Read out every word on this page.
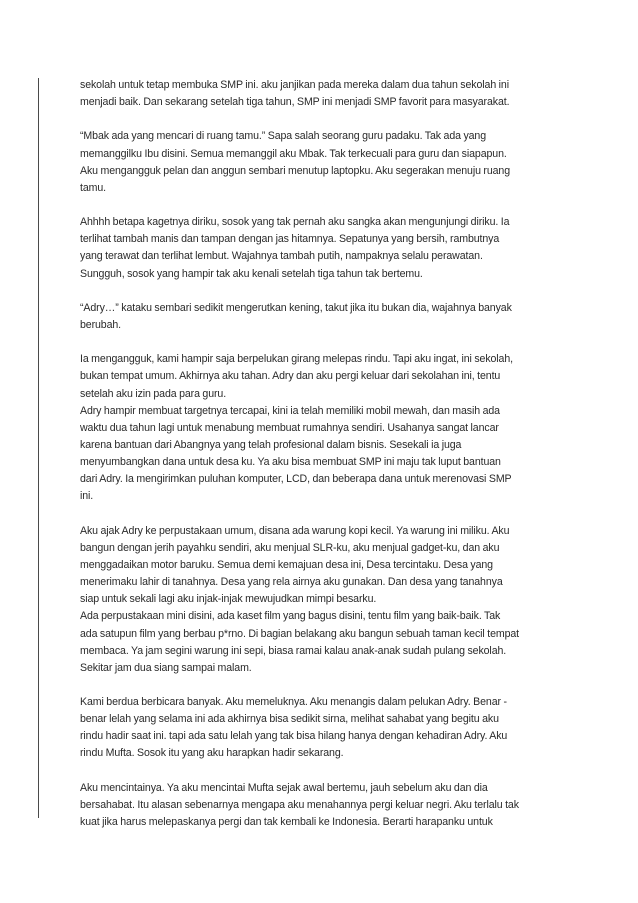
sekolah untuk tetap membuka SMP ini. aku janjikan pada mereka dalam dua tahun sekolah ini
menjadi baik. Dan sekarang setelah tiga tahun, SMP ini menjadi SMP favorit para masyarakat.

“Mbak ada yang mencari di ruang tamu.” Sapa salah seorang guru padaku. Tak ada yang
memanggilku Ibu disini. Semua memanggil aku Mbak. Tak terkecuali para guru dan siapapun.
Aku mengangguk pelan dan anggun sembari menutup laptopku. Aku segerakan menuju ruang
tamu.

Ahhhh betapa kagetnya diriku, sosok yang tak pernah aku sangka akan mengunjungi diriku. Ia
terlihat tambah manis dan tampan dengan jas hitamnya. Sepatunya yang bersih, rambutnya
yang terawat dan terlihat lembut. Wajahnya tambah putih, nampaknya selalu perawatan.
Sungguh, sosok yang hampir tak aku kenali setelah tiga tahun tak bertemu.

“Adry…” kataku sembari sedikit mengerutkan kening, takut jika itu bukan dia, wajahnya banyak
berubah.

Ia mengangguk, kami hampir saja berpelukan girang melepas rindu. Tapi aku ingat, ini sekolah,
bukan tempat umum. Akhirnya aku tahan. Adry dan aku pergi keluar dari sekolahan ini, tentu
setelah aku izin pada para guru.
Adry hampir membuat targetnya tercapai, kini ia telah memiliki mobil mewah, dan masih ada
waktu dua tahun lagi untuk menabung membuat rumahnya sendiri. Usahanya sangat lancar
karena bantuan dari Abangnya yang telah profesional dalam bisnis. Sesekali ia juga
menyumbangkan dana untuk desa ku. Ya aku bisa membuat SMP ini maju tak luput bantuan
dari Adry. Ia mengirimkan puluhan komputer, LCD, dan beberapa dana untuk merenovasi SMP
ini.

Aku ajak Adry ke perpustakaan umum, disana ada warung kopi kecil. Ya warung ini miliku. Aku
bangun dengan jerih payahku sendiri, aku menjual SLR-ku, aku menjual gadget-ku, dan aku
menggadaikan motor baruku. Semua demi kemajuan desa ini, Desa tercintaku. Desa yang
menerimaku lahir di tanahnya. Desa yang rela airnya aku gunakan. Dan desa yang tanahnya
siap untuk sekali lagi aku injak-injak mewujudkan mimpi besarku.
Ada perpustakaan mini disini, ada kaset film yang bagus disini, tentu film yang baik-baik. Tak
ada satupun film yang berbau p*rno. Di bagian belakang aku bangun sebuah taman kecil tempat
membaca. Ya jam segini warung ini sepi, biasa ramai kalau anak-anak sudah pulang sekolah.
Sekitar jam dua siang sampai malam.

Kami berdua berbicara banyak. Aku memeluknya. Aku menangis dalam pelukan Adry. Benar -
benar lelah yang selama ini ada akhirnya bisa sedikit sirna, melihat sahabat yang begitu aku
rindu hadir saat ini. tapi ada satu lelah yang tak bisa hilang hanya dengan kehadiran Adry. Aku
rindu Mufta. Sosok itu yang aku harapkan hadir sekarang.

Aku mencintainya. Ya aku mencintai Mufta sejak awal bertemu, jauh sebelum aku dan dia
bersahabat. Itu alasan sebenarnya mengapa aku menahannya pergi keluar negri. Aku terlalu tak
kuat jika harus melepaskanya pergi dan tak kembali ke Indonesia. Berarti harapanku untuk
